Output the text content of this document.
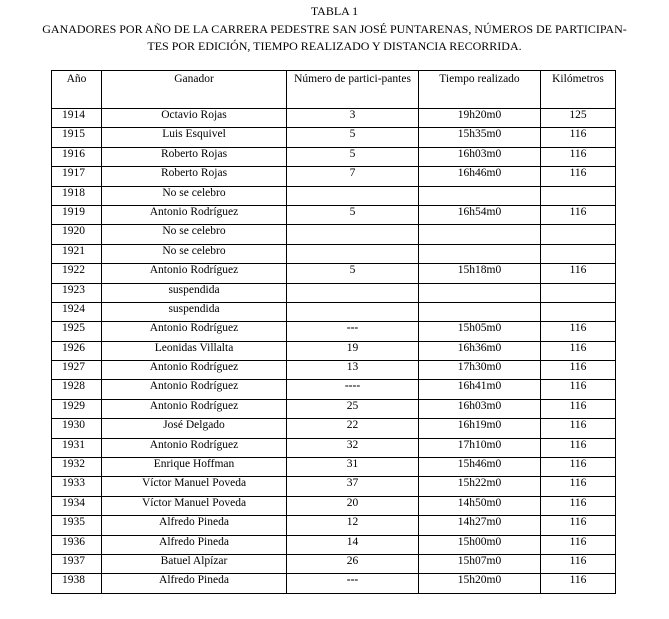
TABLA 1
GANADORES POR AÑO DE LA CARRERA PEDESTRE SAN JOSÉ PUNTARENAS, NÚMEROS DE PARTICIPAN-
TES POR EDICIÓN, TIEMPO REALIZADO Y DISTANCIA RECORRIDA.
Año	Ganador	Número de partici-pantes	Tiempo realizado	Kilómetros
1914	Octavio Rojas	3	19h20m0	125
1915	Luis Esquivel	5	15h35m0	116
1916	Roberto Rojas	5	16h03m0	116
1917	Roberto Rojas	7	16h46m0	116
1918	No se celebro			
1919	Antonio Rodríguez	5	16h54m0	116
1920	No se celebro			
1921	No se celebro			
1922	Antonio Rodríguez	5	15h18m0	116
1923	suspendida			
1924	suspendida			
1925	Antonio Rodríguez	---	15h05m0	116
1926	Leonidas Villalta	19	16h36m0	116
1927	Antonio Rodríguez	13	17h30m0	116
1928	Antonio Rodríguez	----	16h41m0	116
1929	Antonio Rodríguez	25	16h03m0	116
1930	José Delgado	22	16h19m0	116
1931	Antonio Rodríguez	32	17h10m0	116
1932	Enrique Hoffman	31	15h46m0	116
1933	Víctor Manuel Poveda	37	15h22m0	116
1934	Víctor Manuel Poveda	20	14h50m0	116
1935	Alfredo Pineda	12	14h27m0	116
1936	Alfredo Pineda	14	15h00m0	116
1937	Batuel Alpízar	26	15h07m0	116
1938	Alfredo Pineda	---	15h20m0	116
